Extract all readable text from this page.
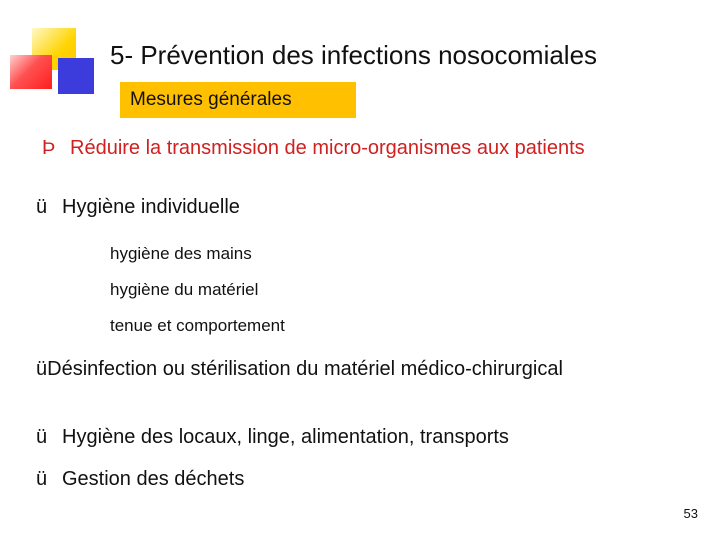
5- Prévention des infections nosocomiales
Mesures générales
Þ Réduire la transmission de micro-organismes aux patients
ü Hygiène individuelle
hygiène des mains
hygiène du matériel
tenue et comportement
üDésinfection ou stérilisation du matériel médico-chirurgical
ü Hygiène des locaux, linge, alimentation, transports
ü Gestion des déchets
53
